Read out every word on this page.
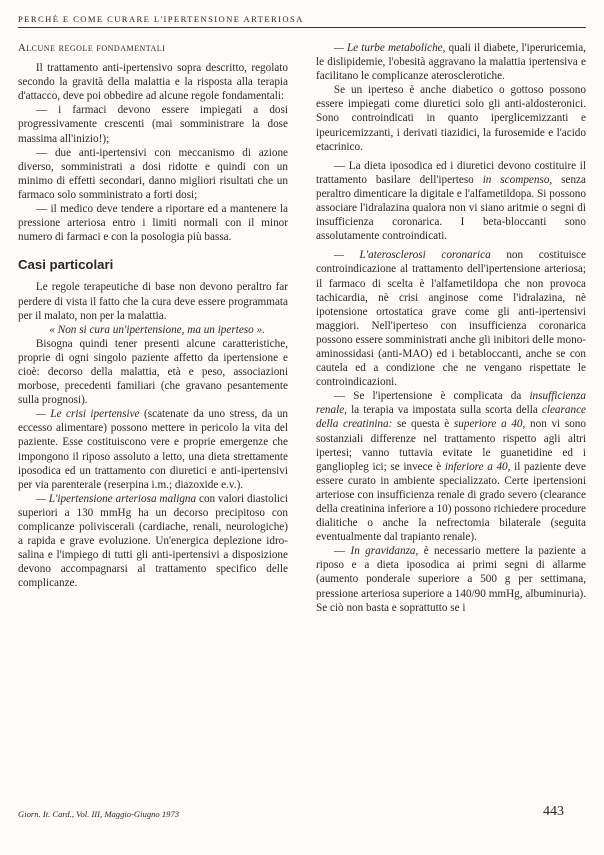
PERCHÈ E COME CURARE L'IPERTENSIONE ARTERIOSA
Alcune regole fondamentali

Il trattamento anti-ipertensivo sopra descritto, regolato secondo la gravità della malattia e la risposta alla terapia d'attacco, deve poi obbedire ad alcune regole fondamentali:

— i farmaci devono essere impiegati a dosi progressivamente crescenti (mai somministrare la dose massima all'inizio!);

— due anti-ipertensivi con meccanismo di azione diverso, somministrati a dosi ridotte e quindi con un minimo di effetti secondari, danno migliori risultati che un farmaco solo somministrato a forti dosi;

— il medico deve tendere a riportare ed a mantenere la pressione arteriosa entro i limiti normali con il minor numero di farmaci e con la posologia più bassa.

Casi particolari

Le regole terapeutiche di base non devono peraltro far perdere di vista il fatto che la cura deve essere programmata per il malato, non per la malattia.

« Non si cura un'ipertensione, ma un iperteso ».

Bisogna quindi tener presenti alcune caratteristiche, proprie di ogni singolo paziente affetto da ipertensione e cioè: decorso della malattia, età e peso, associazioni morbose, precedenti familiari (che gravano pesantemente sulla prognosi).

— Le crisi ipertensive (scatenate da uno stress, da un eccesso alimentare) possono mettere in pericolo la vita del paziente. Esse costituiscono vere e proprie emergenze che impongono il riposo assoluto a letto, una dieta strettamente iposodica ed un trattamento con diuretici e anti-ipertensivi per via parenterale (reserpina i.m.; diazoxide e.v.).

— L'ipertensione arteriosa maligna con valori diastolici superiori a 130 mmHg ha un decorso precipitoso con complicanze poliviscerali (cardiache, renali, neurologiche) a rapida e grave evoluzione. Un'energica deplezione idro-salina e l'impiego di tutti gli anti-ipertensivi a disposizione devono accompagnarsi al trattamento specifico delle complicanze.

— Le turbe metaboliche, quali il diabete, l'iperuricemia, le dislipidemie, l'obesità aggravano la malattia ipertensiva e facilitano le complicanze aterosclerotiche.

Se un iperteso è anche diabetico o gottoso possono essere impiegati come diuretici solo gli anti-aldosteronici. Sono controindicati in quanto iperglicemizzanti e ipeuricemizzanti, i derivati tiazidici, la furosemide e l'acido etacrinico.

— La dieta iposodica ed i diuretici devono costituire il trattamento basilare dell'iperteso in scompenso, senza peraltro dimenticare la digitale e l'alfametildopa. Si possono associare l'idralazina qualora non vi siano aritmie o segni di insufficienza coronarica. I beta-bloccanti sono assolutamente controindicati.

— L'aterosclerosi coronarica non costituisce controindicazione al trattamento dell'ipertensione arteriosa; il farmaco di scelta è l'alfametildopa che non provoca tachicardia, nè crisi anginose come l'idralazina, nè ipotensione ortostatica grave come gli anti-ipertensivi maggiori. Nell'iperteso con insufficienza coronarica possono essere somministrati anche gli inibitori delle mono-aminossidasi (anti-MAO) ed i betabloccanti, anche se con cautela ed a condizione che ne vengano rispettate le controindicazioni.

— Se l'ipertensione è complicata da insufficienza renale, la terapia va impostata sulla scorta della clearance della creatinina: se questa è superiore a 40, non vi sono sostanziali differenze nel trattamento rispetto agli altri ipertesi; vanno tuttavia evitate le guanetidine ed i gangliopleg ici; se invece è inferiore a 40, il paziente deve essere curato in ambiente specializzato. Certe ipertensioni arteriose con insufficienza renale di grado severo (clearance della creatinina inferiore a 10) possono richiedere procedure dialitiche o anche la nefrectomia bilaterale (seguita eventualmente dal trapianto renale).

— In gravidanza, è necessario mettere la paziente a riposo e a dieta iposodica ai primi segni di allarme (aumento ponderale superiore a 500 g per settimana, pressione arteriosa superiore a 140/90 mmHg, albuminuria). Se ciò non basta e soprattutto se i

Giorn. It. Card., Vol. III, Maggio-Giugno 1973	443
